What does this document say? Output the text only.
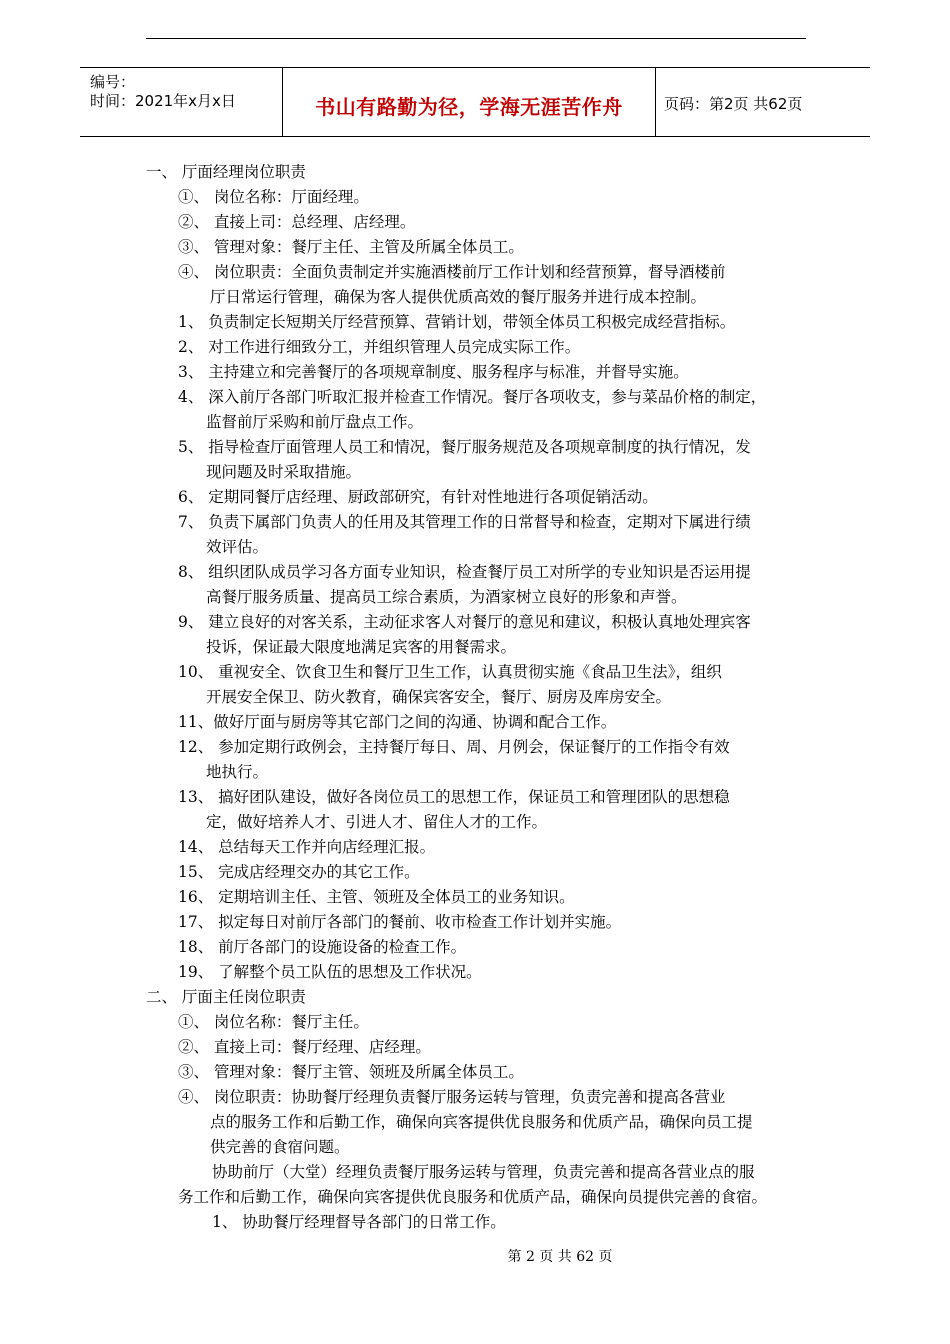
编号：
时间：2021年x月x日	书山有路勤为径，学海无涯苦作舟	页码：第2页 共62页
一、 厅面经理岗位职责
①、 岗位名称：厅面经理。
②、 直接上司：总经理、店经理。
③、 管理对象：餐厅主任、主管及所属全体员工。
④、 岗位职责：全面负责制定并实施酒楼前厅工作计划和经营预算，督导酒楼前
厅日常运行管理，确保为客人提供优质高效的餐厅服务并进行成本控制。
1、 负责制定长短期关厅经营预算、营销计划，带领全体员工积极完成经营指标。
2、 对工作进行细致分工，并组织管理人员完成实际工作。
3、 主持建立和完善餐厅的各项规章制度、服务程序与标准，并督导实施。
4、 深入前厅各部门听取汇报并检查工作情况。餐厅各项收支，参与菜品价格的制定，
监督前厅采购和前厅盘点工作。
5、 指导检查厅面管理人员工和情况，餐厅服务规范及各项规章制度的执行情况，发
现问题及时采取措施。
6、 定期同餐厅店经理、厨政部研究，有针对性地进行各项促销活动。
7、 负责下属部门负责人的任用及其管理工作的日常督导和检查，定期对下属进行绩
效评估。
8、 组织团队成员学习各方面专业知识，检查餐厅员工对所学的专业知识是否运用提
高餐厅服务质量、提高员工综合素质，为酒家树立良好的形象和声誉。
9、 建立良好的对客关系，主动征求客人对餐厅的意见和建议，积极认真地处理宾客
投诉，保证最大限度地满足宾客的用餐需求。
10、 重视安全、饮食卫生和餐厅卫生工作，认真贯彻实施《食品卫生法》，组织
开展安全保卫、防火教育，确保宾客安全，餐厅、厨房及库房安全。
11、做好厅面与厨房等其它部门之间的沟通、协调和配合工作。
12、 参加定期行政例会，主持餐厅每日、周、月例会，保证餐厅的工作指令有效
地执行。
13、 搞好团队建设，做好各岗位员工的思想工作，保证员工和管理团队的思想稳
定，做好培养人才、引进人才、留住人才的工作。
14、 总结每天工作并向店经理汇报。
15、 完成店经理交办的其它工作。
16、 定期培训主任、主管、领班及全体员工的业务知识。
17、 拟定每日对前厅各部门的餐前、收市检查工作计划并实施。
18、 前厅各部门的设施设备的检查工作。
19、 了解整个员工队伍的思想及工作状况。
二、 厅面主任岗位职责
①、 岗位名称：餐厅主任。
②、 直接上司：餐厅经理、店经理。
③、 管理对象：餐厅主管、领班及所属全体员工。
④、 岗位职责：协助餐厅经理负责餐厅服务运转与管理，负责完善和提高各营业
点的服务工作和后勤工作，确保向宾客提供优良服务和优质产品，确保向员工提
供完善的食宿问题。
协助前厅（大堂）经理负责餐厅服务运转与管理，负责完善和提高各营业点的服
务工作和后勤工作，确保向宾客提供优良服务和优质产品，确保向员提供完善的食宿。
1、 协助餐厅经理督导各部门的日常工作。
第 2 页 共 62 页
